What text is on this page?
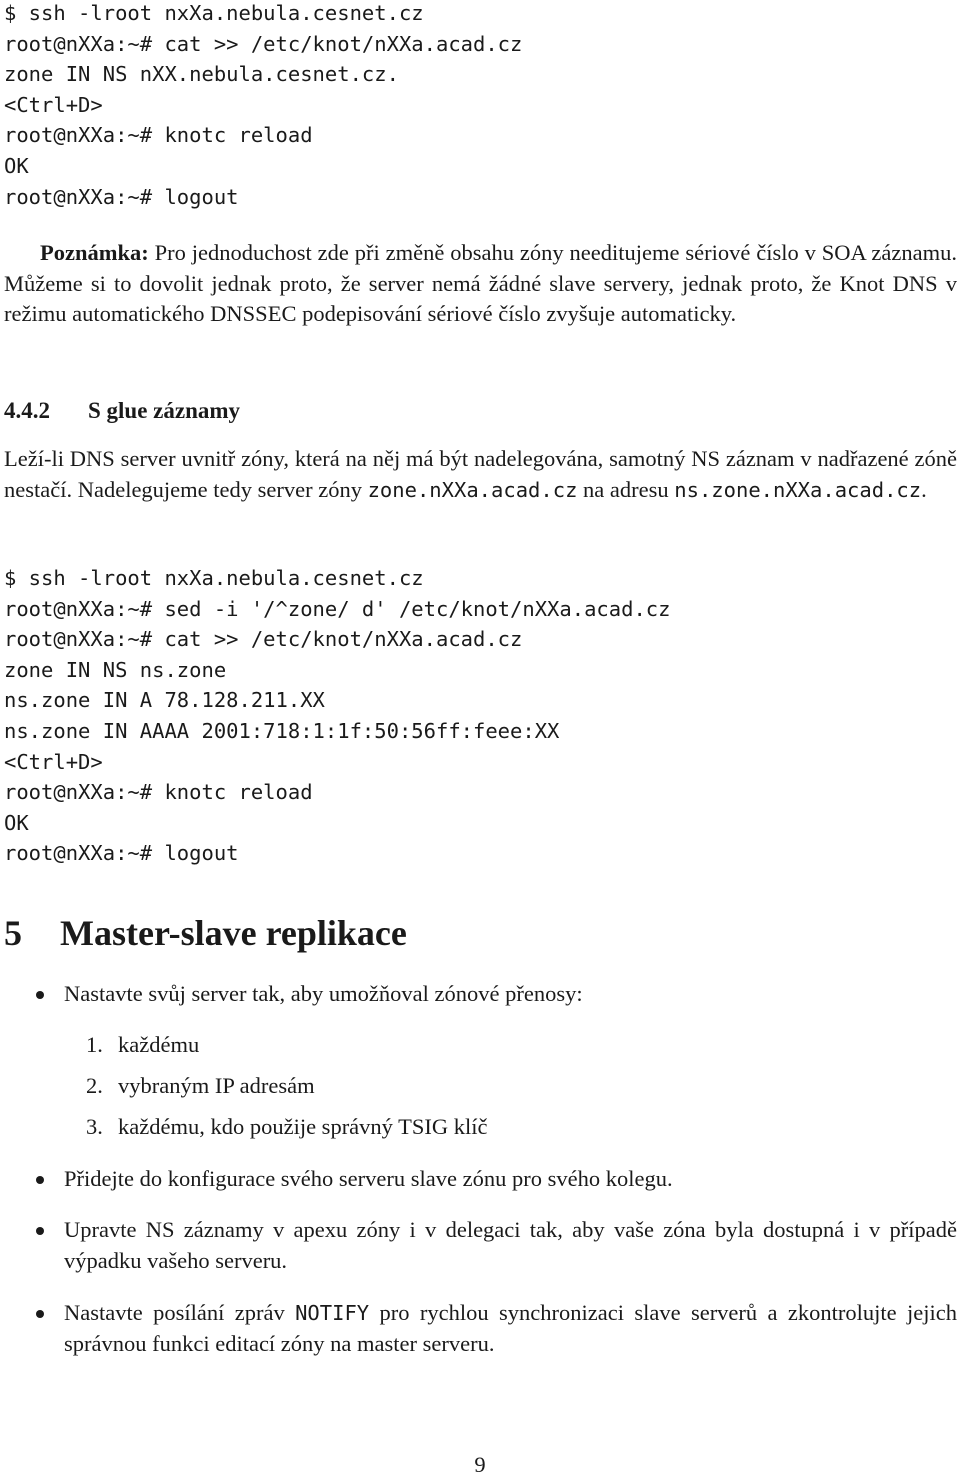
$ ssh -lroot nxXa.nebula.cesnet.cz
root@nXXa:~# cat >> /etc/knot/nXXa.acad.cz
zone IN NS nXX.nebula.cesnet.cz.
<Ctrl+D>
root@nXXa:~# knotc reload
OK
root@nXXa:~# logout

Poznámka: Pro jednoduchost zde při změně obsahu zóny needitujeme sériové číslo v SOA záznamu. Můžeme si to dovolit jednak proto, že server nemá žádné slave servery, jednak proto, že Knot DNS v režimu automatického DNSSEC podepisování sériové číslo zvyšuje automaticky.

4.4.2 S glue záznamy

Leží-li DNS server uvnitř zóny, která na něj má být nadelegována, samotný NS záznam v nadřazené zóně nestačí. Nadelegujeme tedy server zóny zone.nXXa.acad.cz na adresu ns.zone.nXXa.acad.cz.

$ ssh -lroot nxXa.nebula.cesnet.cz
root@nXXa:~# sed -i '/^zone/ d' /etc/knot/nXXa.acad.cz
root@nXXa:~# cat >> /etc/knot/nXXa.acad.cz
zone IN NS ns.zone
ns.zone IN A 78.128.211.XX
ns.zone IN AAAA 2001:718:1:1f:50:56ff:feee:XX
<Ctrl+D>
root@nXXa:~# knotc reload
OK
root@nXXa:~# logout
5 Master-slave replikace

Nastavte svůj server tak, aby umožňoval zónové přenosy:

1. každému

2. vybraným IP adresám

3. každému, kdo použije správný TSIG klíč

Přidejte do konfigurace svého serveru slave zónu pro svého kolegu.

Upravte NS záznamy v apexu zóny i v delegaci tak, aby vaše zóna byla dostupná i v případě výpadku vašeho serveru.

Nastavte posílání zpráv NOTIFY pro rychlou synchronizaci slave serverů a zkontrolujte jejich správnou funkci editací zóny na master serveru.

9
